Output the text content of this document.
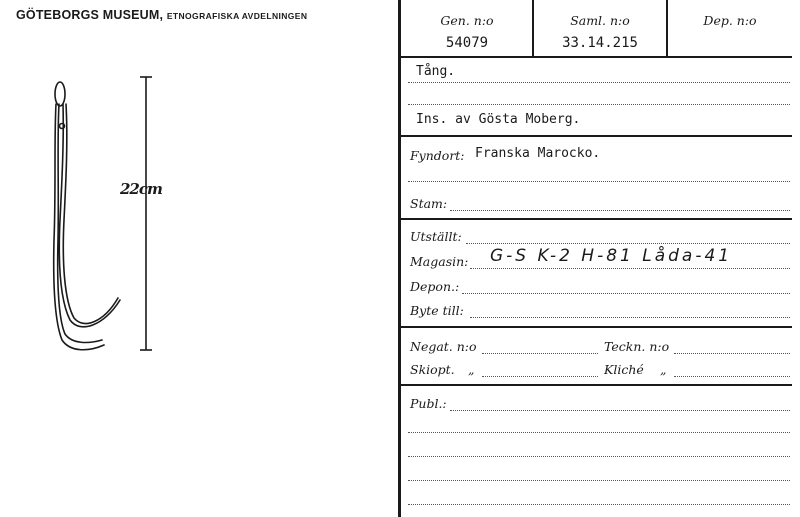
GÖTEBORGS MUSEUM, ETNOGRAFISKA AVDELNINGEN
22cm
Gen. n:o
54079
Saml. n:o
33.14.215
Dep. n:o
Tång.
Ins. av Gösta Moberg.
Fyndort: Franska Marocko.
Stam:
Utställt:
Magasin: G-S K-2 H-81 Låda-41
Depon.:
Byte till:
Negat. n:o	Teckn. n:o
Skiopt. „	Kliché „
Publ.:
